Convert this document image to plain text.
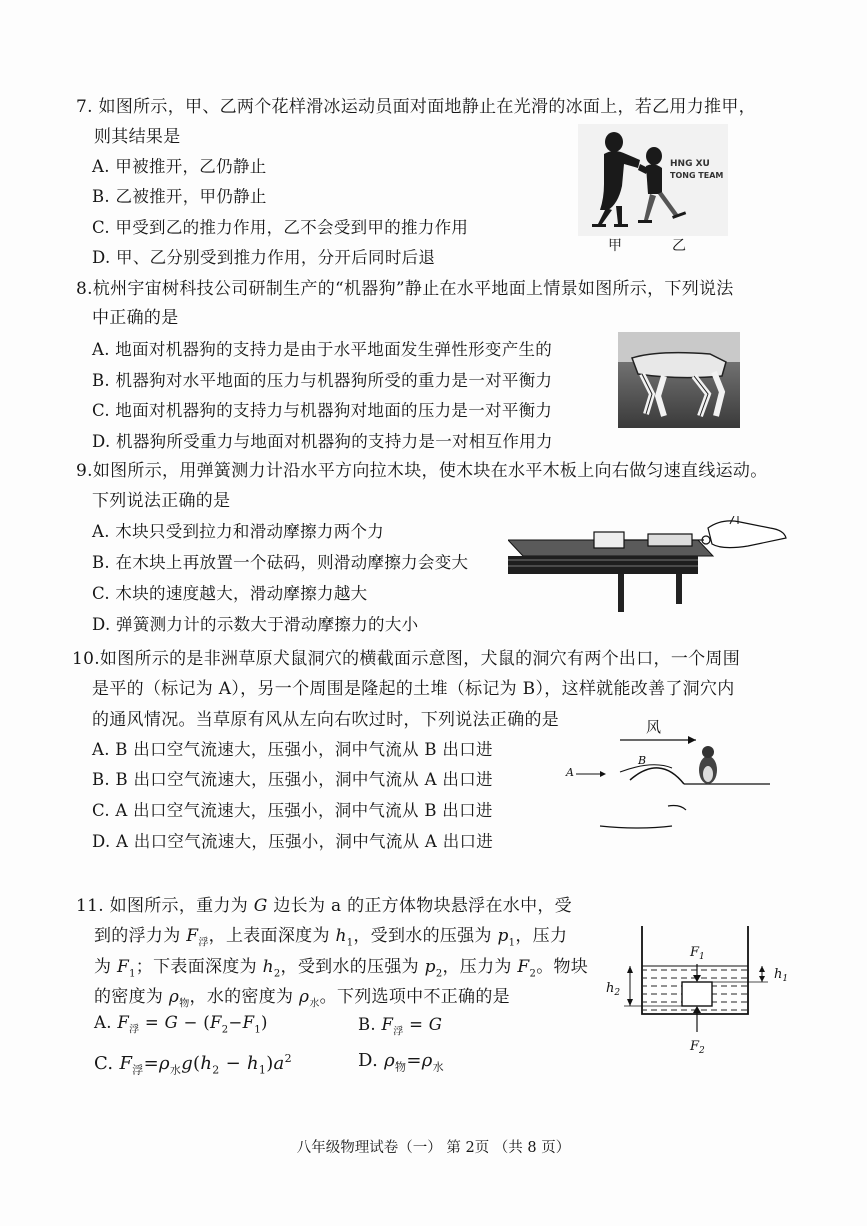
7. 如图所示，甲、乙两个花样滑冰运动员面对面地静止在光滑的冰面上，若乙用力推甲，
则其结果是
A. 甲被推开，乙仍静止
B. 乙被推开，甲仍静止
C. 甲受到乙的推力作用，乙不会受到甲的推力作用
D. 甲、乙分别受到推力作用，分开后同时后退
HNG XU
TONG TEAM
甲	乙
8.杭州宇宙树科技公司研制生产的“机器狗”静止在水平地面上情景如图所示，下列说法
中正确的是
A. 地面对机器狗的支持力是由于水平地面发生弹性形变产生的
B. 机器狗对水平地面的压力与机器狗所受的重力是一对平衡力
C. 地面对机器狗的支持力与机器狗对地面的压力是一对平衡力
D. 机器狗所受重力与地面对机器狗的支持力是一对相互作用力
9.如图所示，用弹簧测力计沿水平方向拉木块，使木块在水平木板上向右做匀速直线运动。
下列说法正确的是
A. 木块只受到拉力和滑动摩擦力两个力
B. 在木块上再放置一个砝码，则滑动摩擦力会变大
C. 木块的速度越大，滑动摩擦力越大
D. 弹簧测力计的示数大于滑动摩擦力的大小
10.如图所示的是非洲草原犬鼠洞穴的横截面示意图，犬鼠的洞穴有两个出口，一个周围
是平的（标记为 A），另一个周围是隆起的土堆（标记为 B），这样就能改善了洞穴内
的通风情况。当草原有风从左向右吹过时，下列说法正确的是
A. B 出口空气流速大，压强小，洞中气流从 B 出口进
B. B 出口空气流速大，压强小，洞中气流从 A 出口进
C. A 出口空气流速大，压强小，洞中气流从 B 出口进
D. A 出口空气流速大，压强小，洞中气流从 A 出口进
风
B
A
11. 如图所示，重力为 G 边长为 a 的正方体物块悬浮在水中，受
到的浮力为 $F_浮$，上表面深度为 $h_1$，受到水的压强为 $p_1$，压力
为 $F_1$；下表面深度为 $h_2$，受到水的压强为 $p_2$，压力为 $F_2$。物块
的密度为 $\rho_物$，水的密度为 $\rho_水$。下列选项中不正确的是
A. $F_浮 = G - (F_2-F_1)$	B. $F_浮 = G$
C. $F_浮=\rho_水g(h_2 - h_1)a^2$	D. $\rho_物=\rho_水$
$F_1$
$F_2$
$h_2$
$h_1$
八年级物理试卷（一） 第 2页 （共 8 页）
